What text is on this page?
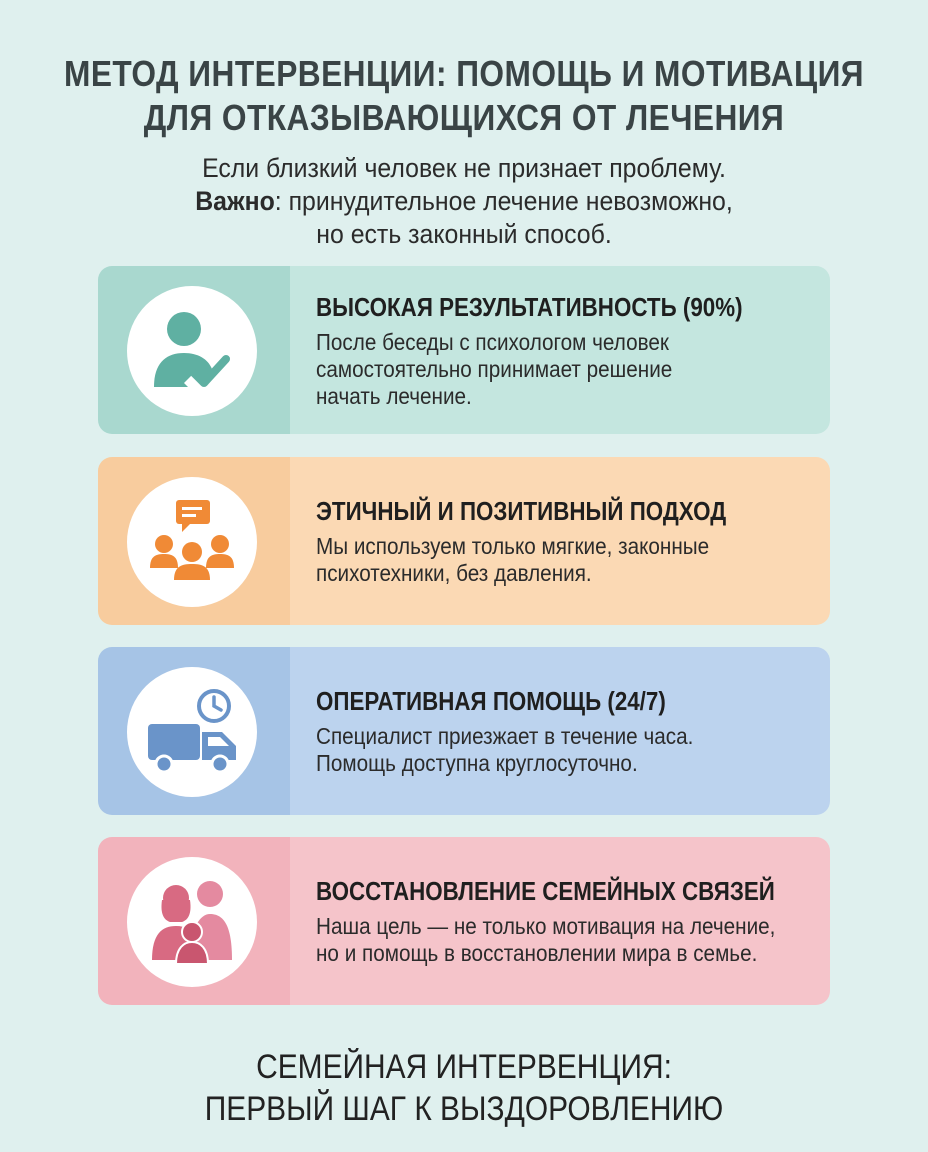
МЕТОД ИНТЕРВЕНЦИИ: ПОМОЩЬ И МОТИВАЦИЯ
ДЛЯ ОТКАЗЫВАЮЩИХСЯ ОТ ЛЕЧЕНИЯ
Если близкий человек не признает проблему.
Важно: принудительное лечение невозможно,
но есть законный способ.
ВЫСОКАЯ РЕЗУЛЬТАТИВНОСТЬ (90%)
После беседы с психологом человек
самостоятельно принимает решение
начать лечение.
ЭТИЧНЫЙ И ПОЗИТИВНЫЙ ПОДХОД
Мы используем только мягкие, законные
психотехники, без давления.
ОПЕРАТИВНАЯ ПОМОЩЬ (24/7)
Специалист приезжает в течение часа.
Помощь доступна круглосуточно.
ВОССТАНОВЛЕНИЕ СЕМЕЙНЫХ СВЯЗЕЙ
Наша цель — не только мотивация на лечение,
но и помощь в восстановлении мира в семье.
СЕМЕЙНАЯ ИНТЕРВЕНЦИЯ:
ПЕРВЫЙ ШАГ К ВЫЗДОРОВЛЕНИЮ
